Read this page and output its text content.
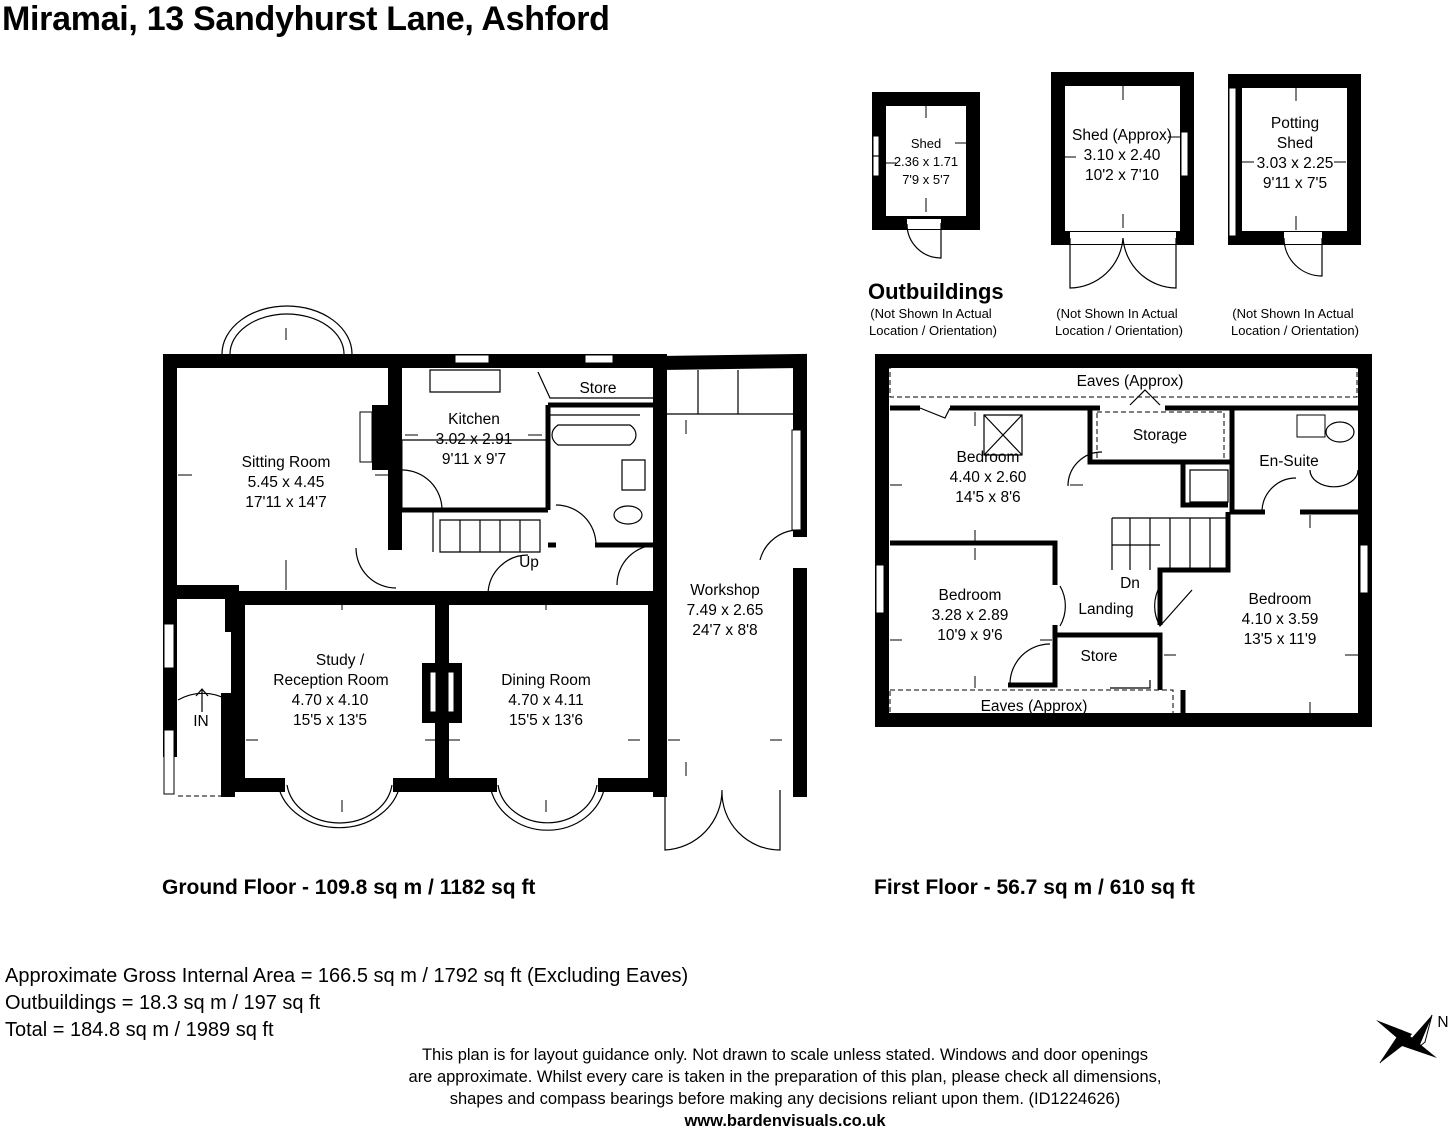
Miramai, 13 Sandyhurst Lane, Ashford
Shed
2.36 x 1.71
7'9 x 5'7
Shed (Approx)
3.10 x 2.40
10'2 x 7'10
Potting
Shed
3.03 x 2.25
9'11 x 7'5
Outbuildings
(Not Shown In Actual
Location / Orientation)
(Not Shown In Actual
Location / Orientation)
(Not Shown In Actual
Location / Orientation)
Sitting Room
5.45 x 4.45
17'11 x 14'7
Kitchen
3.02 x 2.91
9'11 x 9'7
Store
Up
Study /
Reception Room
4.70 x 4.10
15'5 x 13'5
Dining Room
4.70 x 4.11
15'5 x 13'6
Workshop
7.49 x 2.65
24'7 x 8'8
IN
Ground Floor - 109.8 sq m / 1182 sq ft
Eaves (Approx)
Bedroom
4.40 x 2.60
14'5 x 8'6
Storage
En-Suite
Bedroom
3.28 x 2.89
10'9 x 9'6
Dn
Landing
Store
Bedroom
4.10 x 3.59
13'5 x 11'9
Eaves (Approx)
First Floor - 56.7 sq m / 610 sq ft
N
Approximate Gross Internal Area = 166.5 sq m / 1792 sq ft (Excluding Eaves)
Outbuildings = 18.3 sq m / 197 sq ft
Total = 184.8 sq m / 1989 sq ft
This plan is for layout guidance only. Not drawn to scale unless stated. Windows and door openings
are approximate. Whilst every care is taken in the preparation of this plan, please check all dimensions,
shapes and compass bearings before making any decisions reliant upon them. (ID1224626)
www.bardenvisuals.co.uk
